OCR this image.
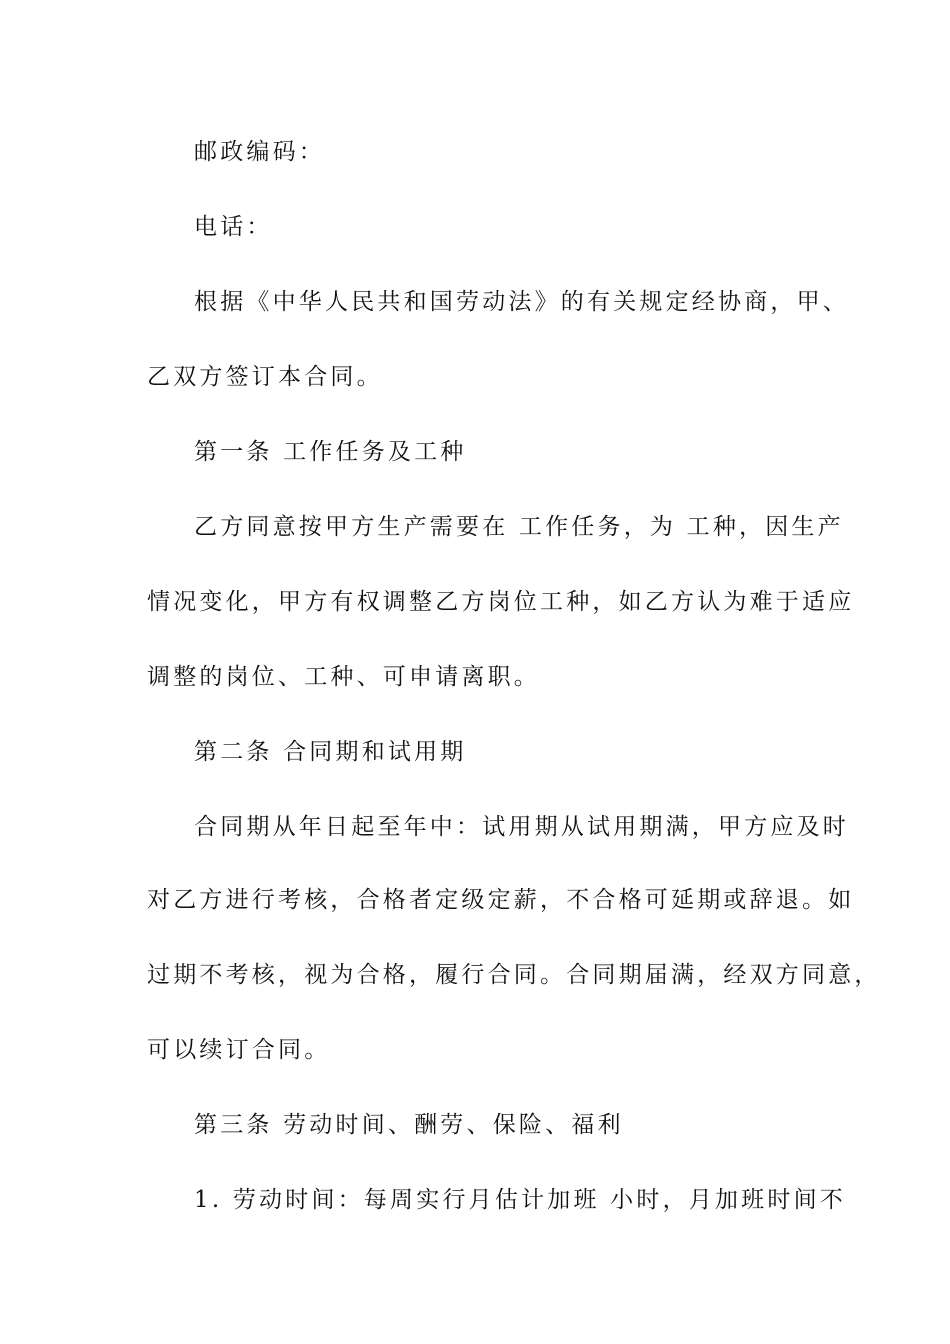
邮政编码：
电话：
根据《中华人民共和国劳动法》的有关规定经协商，甲、
乙双方签订本合同。
第一条 工作任务及工种
乙方同意按甲方生产需要在 工作任务，为 工种，因生产
情况变化，甲方有权调整乙方岗位工种，如乙方认为难于适应
调整的岗位、工种、可申请离职。
第二条 合同期和试用期
合同期从年日起至年中：试用期从试用期满，甲方应及时
对乙方进行考核，合格者定级定薪，不合格可延期或辞退。如
过期不考核，视为合格，履行合同。合同期届满，经双方同意，
可以续订合同。
第三条 劳动时间、酬劳、保险、福利
1. 劳动时间：每周实行月估计加班 小时，月加班时间不
